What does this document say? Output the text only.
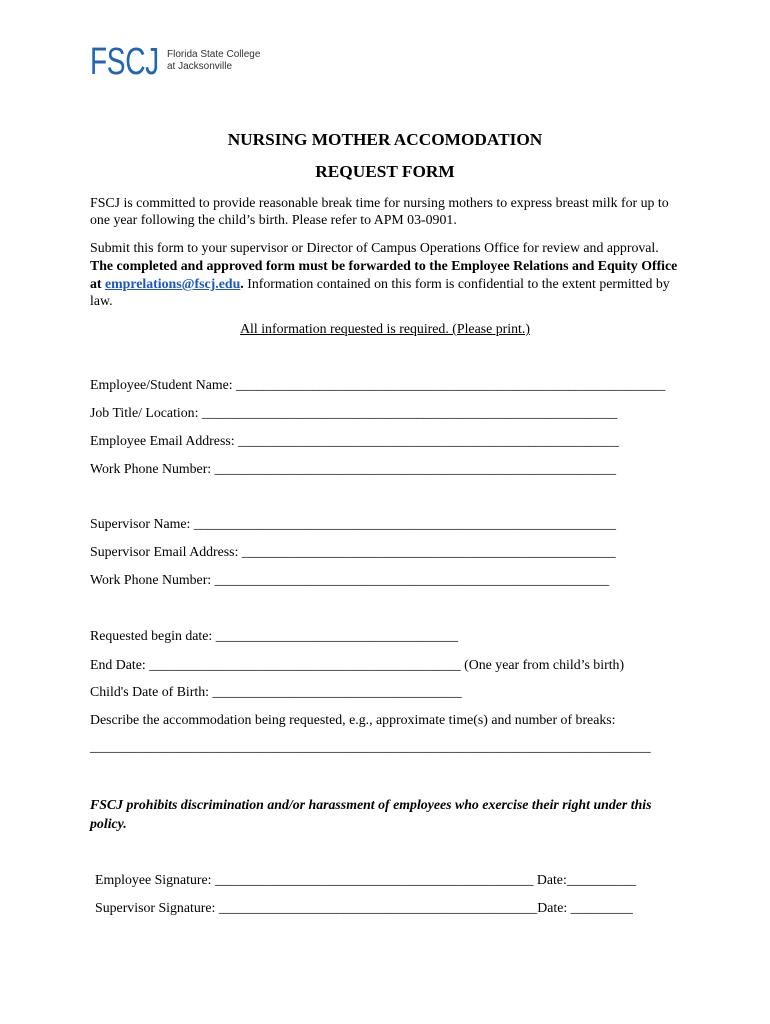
FSCJ Florida State College
at Jacksonville
NURSING MOTHER ACCOMODATION
REQUEST FORM
FSCJ is committed to provide reasonable break time for nursing mothers to express breast milk for up to
one year following the child’s birth. Please refer to APM 03-0901.
Submit this form to your supervisor or Director of Campus Operations Office for review and approval.
The completed and approved form must be forwarded to the Employee Relations and Equity Office
at emprelations@fscj.edu . Information contained on this form is confidential to the extent permitted by
law.
All information requested is required. (Please print.)
Employee/Student Name: ______________________________________________________________
Job Title/ Location: ____________________________________________________________
Employee Email Address: _______________________________________________________
Work Phone Number: __________________________________________________________
Supervisor Name: _____________________________________________________________
Supervisor Email Address: ______________________________________________________
Work Phone Number: _________________________________________________________
Requested begin date: ___________________________________
End Date: _____________________________________________ (One year from child’s birth)
Child's Date of Birth: ____________________________________
Describe the accommodation being requested, e.g., approximate time(s) and number of breaks:
_________________________________________________________________________________
FSCJ prohibits discrimination and/or harassment of employees who exercise their right under this
policy.
Employee Signature: ______________________________________________ Date: __________
Supervisor Signature: ______________________________________________ Date: _________
